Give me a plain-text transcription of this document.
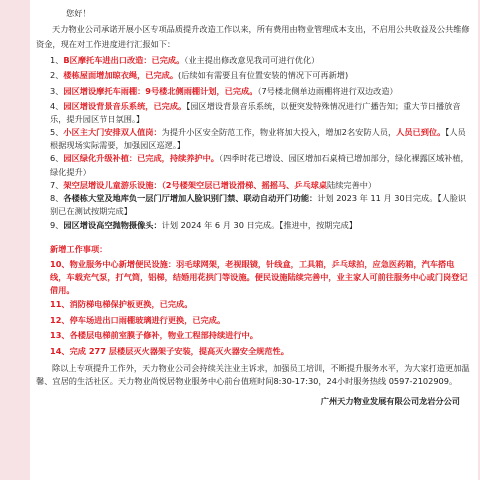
您好！

天力物业公司承诺开展小区专项品质提升改造工作以来，所有费用由物业管理成本支出，不启用公共收益及公共维修资金，现在对工作进度进行汇报如下：

1、B区摩托车进出口改造：已完成。（业主提出修改意见我司可进行优化）

2、楼栋屋面增加晾衣绳，已完成。(后续如有需要且有位置安装的情况下可再新增)

3、园区增设摩托车雨棚：9号楼北侧雨棚计划，已完成。（7号楼北侧单边雨棚将进行双边改造）

4、园区增设背景音乐系统，已完成。【园区增设背景音乐系统，以便突发特殊情况进行广播告知；重大节日播放音乐，提升园区节日氛围。】

5、小区主大门安排双人值岗：为提升小区安全防范工作，物业将加大投入，增加2名安防人员，人员已到位。【人员根据现场实际需要，加强园区巡逻。】

6、园区绿化升级补植：已完成，持续养护中。（四季时花已增设、园区增加石桌椅已增加部分，绿化裸露区域补植，绿化提升）

7、架空层增设儿童游乐设施：（2号楼架空层已增设滑梯、摇摇马、乒乓球桌陆续完善中）

8、各楼栋大堂及地库负一层门厅增加人脸识别门禁、联动自动开门功能：计划 2023 年 11 月 30日完成。【人脸识别已在测试按期完成】

9、园区增设高空抛物摄像头：计划 2024 年 6 月 30 日完成。【推进中，按期完成】

新增工作事项：

10、物业服务中心新增便民设施：羽毛球网架，老视眼镜，针线盒，工具箱，乒乓球拍，应急医药箱，汽车搭电线，车载充气泵，打气筒，铝梯，结婚用花拱门等设施。便民设施陆续完善中，业主家人可前往服务中心或门岗登记借用。

11、消防梯电梯保护板更换，已完成。

12、停车场进出口雨棚玻璃进行更换，已完成。

13、各楼层电梯前室膜子修补，物业工程部持续进行中。

14、完成 277 层楼层灭火器架子安装，提高灭火器安全规范性。

除以上专项提升工作外，天力物业公司会持续关注业主诉求，加强员工培训，不断提升服务水平，为大家打造更加温馨、宜居的生活社区。天力物业尚悦居物业服务中心前台值班时间8:30-17:30，24小时服务热线 0597-2102909。

广州天力物业发展有限公司龙岩分公司
